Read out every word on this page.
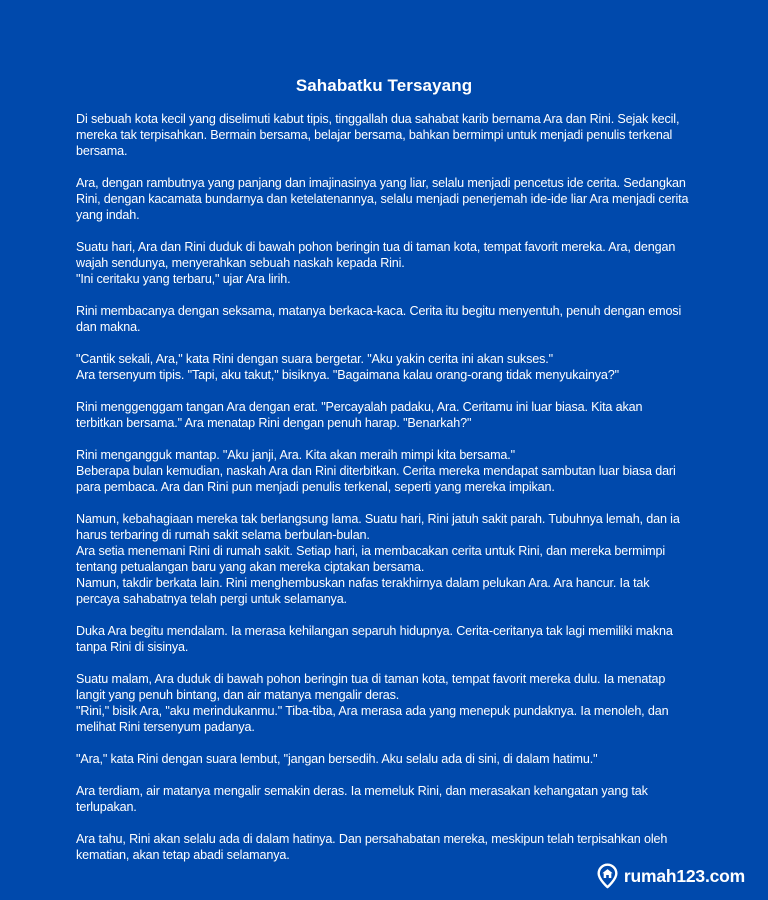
Sahabatku Tersayang

Di sebuah kota kecil yang diselimuti kabut tipis, tinggallah dua sahabat karib bernama Ara dan Rini. Sejak kecil, mereka tak terpisahkan. Bermain bersama, belajar bersama, bahkan bermimpi untuk menjadi penulis terkenal bersama.

Ara, dengan rambutnya yang panjang dan imajinasinya yang liar, selalu menjadi pencetus ide cerita. Sedangkan Rini, dengan kacamata bundarnya dan ketelatenannya, selalu menjadi penerjemah ide-ide liar Ara menjadi cerita yang indah.

Suatu hari, Ara dan Rini duduk di bawah pohon beringin tua di taman kota, tempat favorit mereka. Ara, dengan wajah sendunya, menyerahkan sebuah naskah kepada Rini.
"Ini ceritaku yang terbaru," ujar Ara lirih.

Rini membacanya dengan seksama, matanya berkaca-kaca. Cerita itu begitu menyentuh, penuh dengan emosi dan makna.

"Cantik sekali, Ara," kata Rini dengan suara bergetar. "Aku yakin cerita ini akan sukses."
Ara tersenyum tipis. "Tapi, aku takut," bisiknya. "Bagaimana kalau orang-orang tidak menyukainya?"

Rini menggenggam tangan Ara dengan erat. "Percayalah padaku, Ara. Ceritamu ini luar biasa. Kita akan terbitkan bersama." Ara menatap Rini dengan penuh harap. "Benarkah?"

Rini mengangguk mantap. "Aku janji, Ara. Kita akan meraih mimpi kita bersama."
Beberapa bulan kemudian, naskah Ara dan Rini diterbitkan. Cerita mereka mendapat sambutan luar biasa dari para pembaca. Ara dan Rini pun menjadi penulis terkenal, seperti yang mereka impikan.

Namun, kebahagiaan mereka tak berlangsung lama. Suatu hari, Rini jatuh sakit parah. Tubuhnya lemah, dan ia harus terbaring di rumah sakit selama berbulan-bulan.
Ara setia menemani Rini di rumah sakit. Setiap hari, ia membacakan cerita untuk Rini, dan mereka bermimpi tentang petualangan baru yang akan mereka ciptakan bersama.
Namun, takdir berkata lain. Rini menghembuskan nafas terakhirnya dalam pelukan Ara. Ara hancur. Ia tak percaya sahabatnya telah pergi untuk selamanya.

Duka Ara begitu mendalam. Ia merasa kehilangan separuh hidupnya. Cerita-ceritanya tak lagi memiliki makna tanpa Rini di sisinya.

Suatu malam, Ara duduk di bawah pohon beringin tua di taman kota, tempat favorit mereka dulu. Ia menatap langit yang penuh bintang, dan air matanya mengalir deras.
"Rini," bisik Ara, "aku merindukanmu." Tiba-tiba, Ara merasa ada yang menepuk pundaknya. Ia menoleh, dan melihat Rini tersenyum padanya.

"Ara," kata Rini dengan suara lembut, "jangan bersedih. Aku selalu ada di sini, di dalam hatimu."

Ara terdiam, air matanya mengalir semakin deras. Ia memeluk Rini, dan merasakan kehangatan yang tak terlupakan.

Ara tahu, Rini akan selalu ada di dalam hatinya. Dan persahabatan mereka, meskipun telah terpisahkan oleh kematian, akan tetap abadi selamanya.

rumah123.com
